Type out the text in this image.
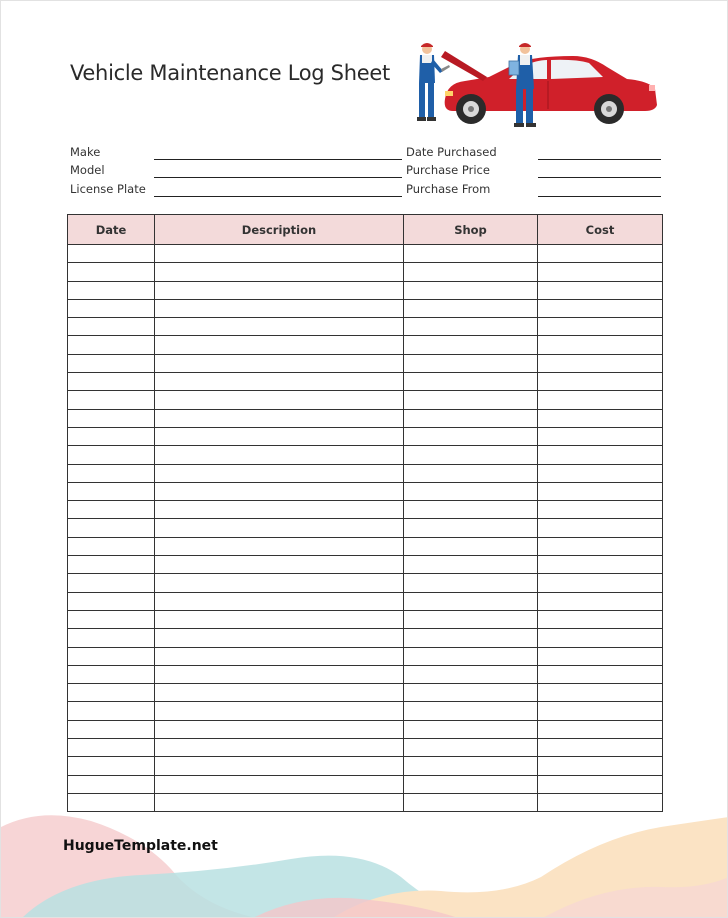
Vehicle Maintenance Log Sheet
Make
Model
License Plate
Date Purchased
Purchase Price
Purchase From
Date	Description	Shop	Cost

HugueTemplate.net
